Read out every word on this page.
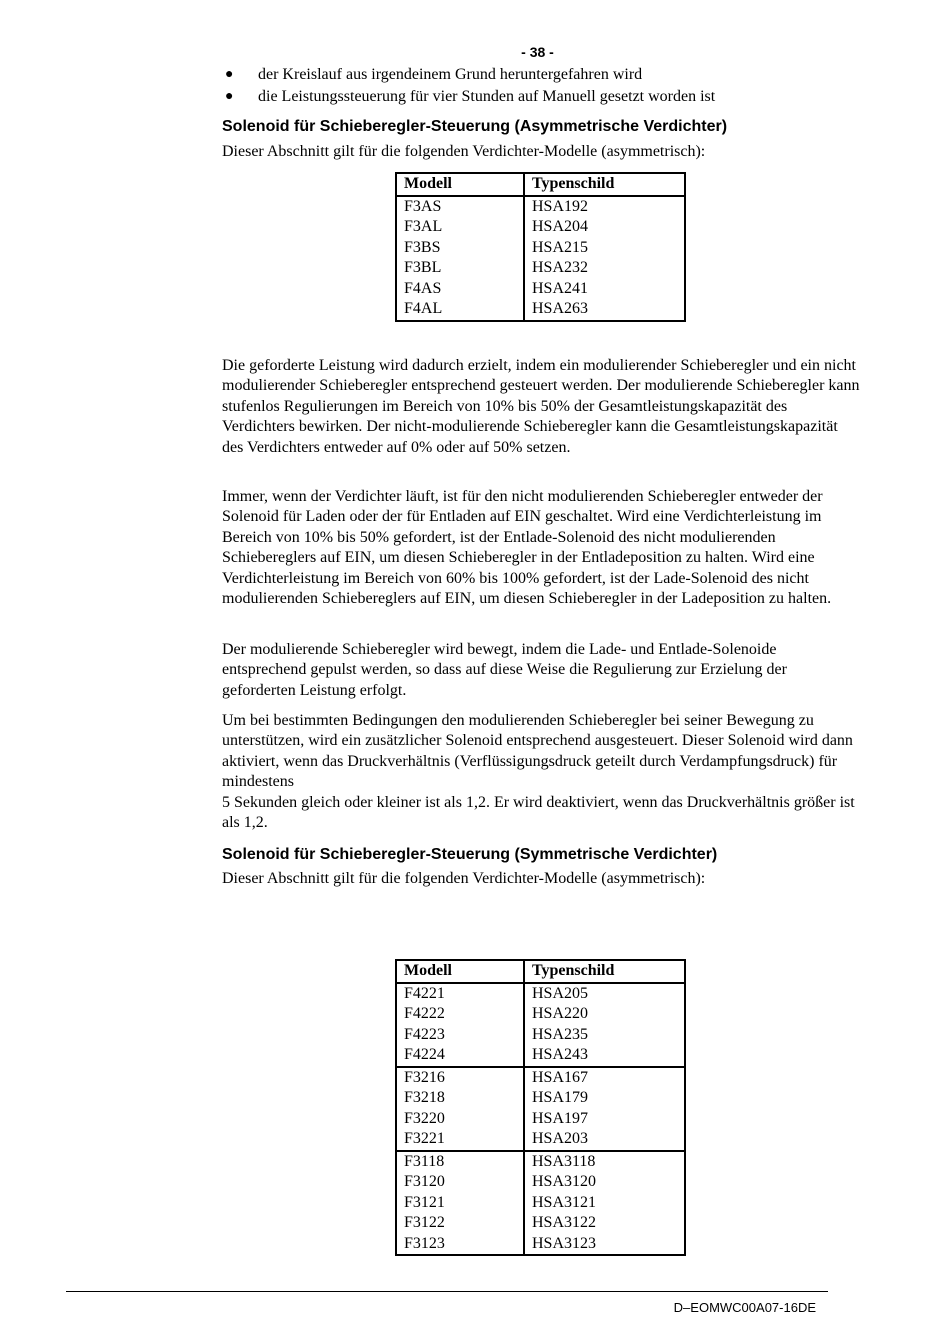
- 38 -
● der Kreislauf aus irgendeinem Grund heruntergefahren wird
● die Leistungssteuerung für vier Stunden auf Manuell gesetzt worden ist
Solenoid für Schieberegler-Steuerung (Asymmetrische Verdichter)
Dieser Abschnitt gilt für die folgenden Verdichter-Modelle (asymmetrisch):
Modell	Typenschild
F3AS	HSA192
F3AL	HSA204
F3BS	HSA215
F3BL	HSA232
F4AS	HSA241
F4AL	HSA263

Die geforderte Leistung wird dadurch erzielt, indem ein modulierender Schieberegler und ein nicht modulierender Schieberegler entsprechend gesteuert werden. Der modulierende Schieberegler kann stufenlos Regulierungen im Bereich von 10% bis 50% der Gesamtleistungskapazität des Verdichters bewirken. Der nicht-modulierende Schieberegler kann die Gesamtleistungskapazität des Verdichters entweder auf 0% oder auf 50% setzen.

Immer, wenn der Verdichter läuft, ist für den nicht modulierenden Schieberegler entweder der Solenoid für Laden oder der für Entladen auf EIN geschaltet. Wird eine Verdichterleistung im Bereich von 10% bis 50% gefordert, ist der Entlade-Solenoid des nicht modulierenden Schiebereglers auf EIN, um diesen Schieberegler in der Entladeposition zu halten. Wird eine Verdichterleistung im Bereich von 60% bis 100% gefordert, ist der Lade-Solenoid des nicht modulierenden Schiebereglers auf EIN, um diesen Schieberegler in der Ladeposition zu halten.

Der modulierende Schieberegler wird bewegt, indem die Lade- und Entlade-Solenoide entsprechend gepulst werden, so dass auf diese Weise die Regulierung zur Erzielung der geforderten Leistung erfolgt.

Um bei bestimmten Bedingungen den modulierenden Schieberegler bei seiner Bewegung zu unterstützen, wird ein zusätzlicher Solenoid entsprechend ausgesteuert. Dieser Solenoid wird dann aktiviert, wenn das Druckverhältnis (Verflüssigungsdruck geteilt durch Verdampfungsdruck) für mindestens

5 Sekunden gleich oder kleiner ist als 1,2. Er wird deaktiviert, wenn das Druckverhältnis größer ist als 1,2.

Solenoid für Schieberegler-Steuerung (Symmetrische Verdichter)
Dieser Abschnitt gilt für die folgenden Verdichter-Modelle (asymmetrisch):
Modell	Typenschild
F4221	HSA205
F4222	HSA220
F4223	HSA235
F4224	HSA243
F3216	HSA167
F3218	HSA179
F3220	HSA197
F3221	HSA203
F3118	HSA3118
F3120	HSA3120
F3121	HSA3121
F3122	HSA3122
F3123	HSA3123
D–EOMWC00A07-16DE
